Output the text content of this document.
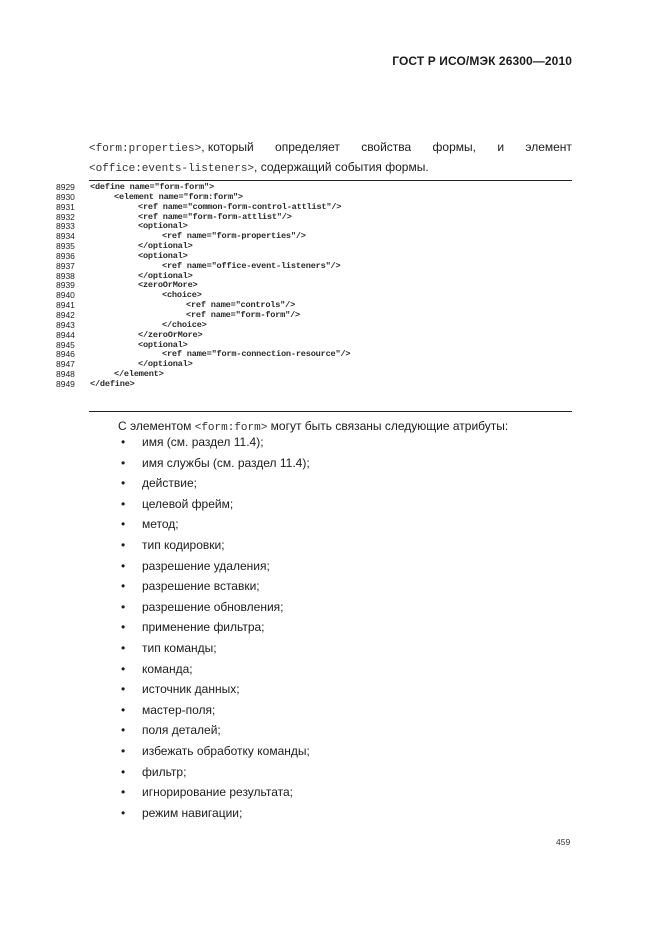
ГОСТ Р ИСО/МЭК 26300—2010
<form:properties>, который определяет свойства формы, и элемент
<office:events-listeners>, содержащий события формы.
8929	<define name="form-form">
8930	<element name="form:form">
8931	<ref name="common-form-control-attlist"/>
8932	<ref name="form-form-attlist"/>
8933	<optional>
8934	<ref name="form-properties"/>
8935	</optional>
8936	<optional>
8937	<ref name="office-event-listeners"/>
8938	</optional>
8939	<zeroOrMore>
8940	<choice>
8941	<ref name="controls"/>
8942	<ref name="form-form"/>
8943	</choice>
8944	</zeroOrMore>
8945	<optional>
8946	<ref name="form-connection-resource"/>
8947	</optional>
8948	</element>
8949	</define>
С элементом <form:form> могут быть связаны следующие атрибуты:
• имя (см. раздел 11.4);
• имя службы (см. раздел 11.4);
• действие;
• целевой фрейм;
• метод;
• тип кодировки;
• разрешение удаления;
• разрешение вставки;
• разрешение обновления;
• применение фильтра;
• тип команды;
• команда;
• источник данных;
• мастер-поля;
• поля деталей;
• избежать обработку команды;
• фильтр;
• игнорирование результата;
• режим навигации;
459
